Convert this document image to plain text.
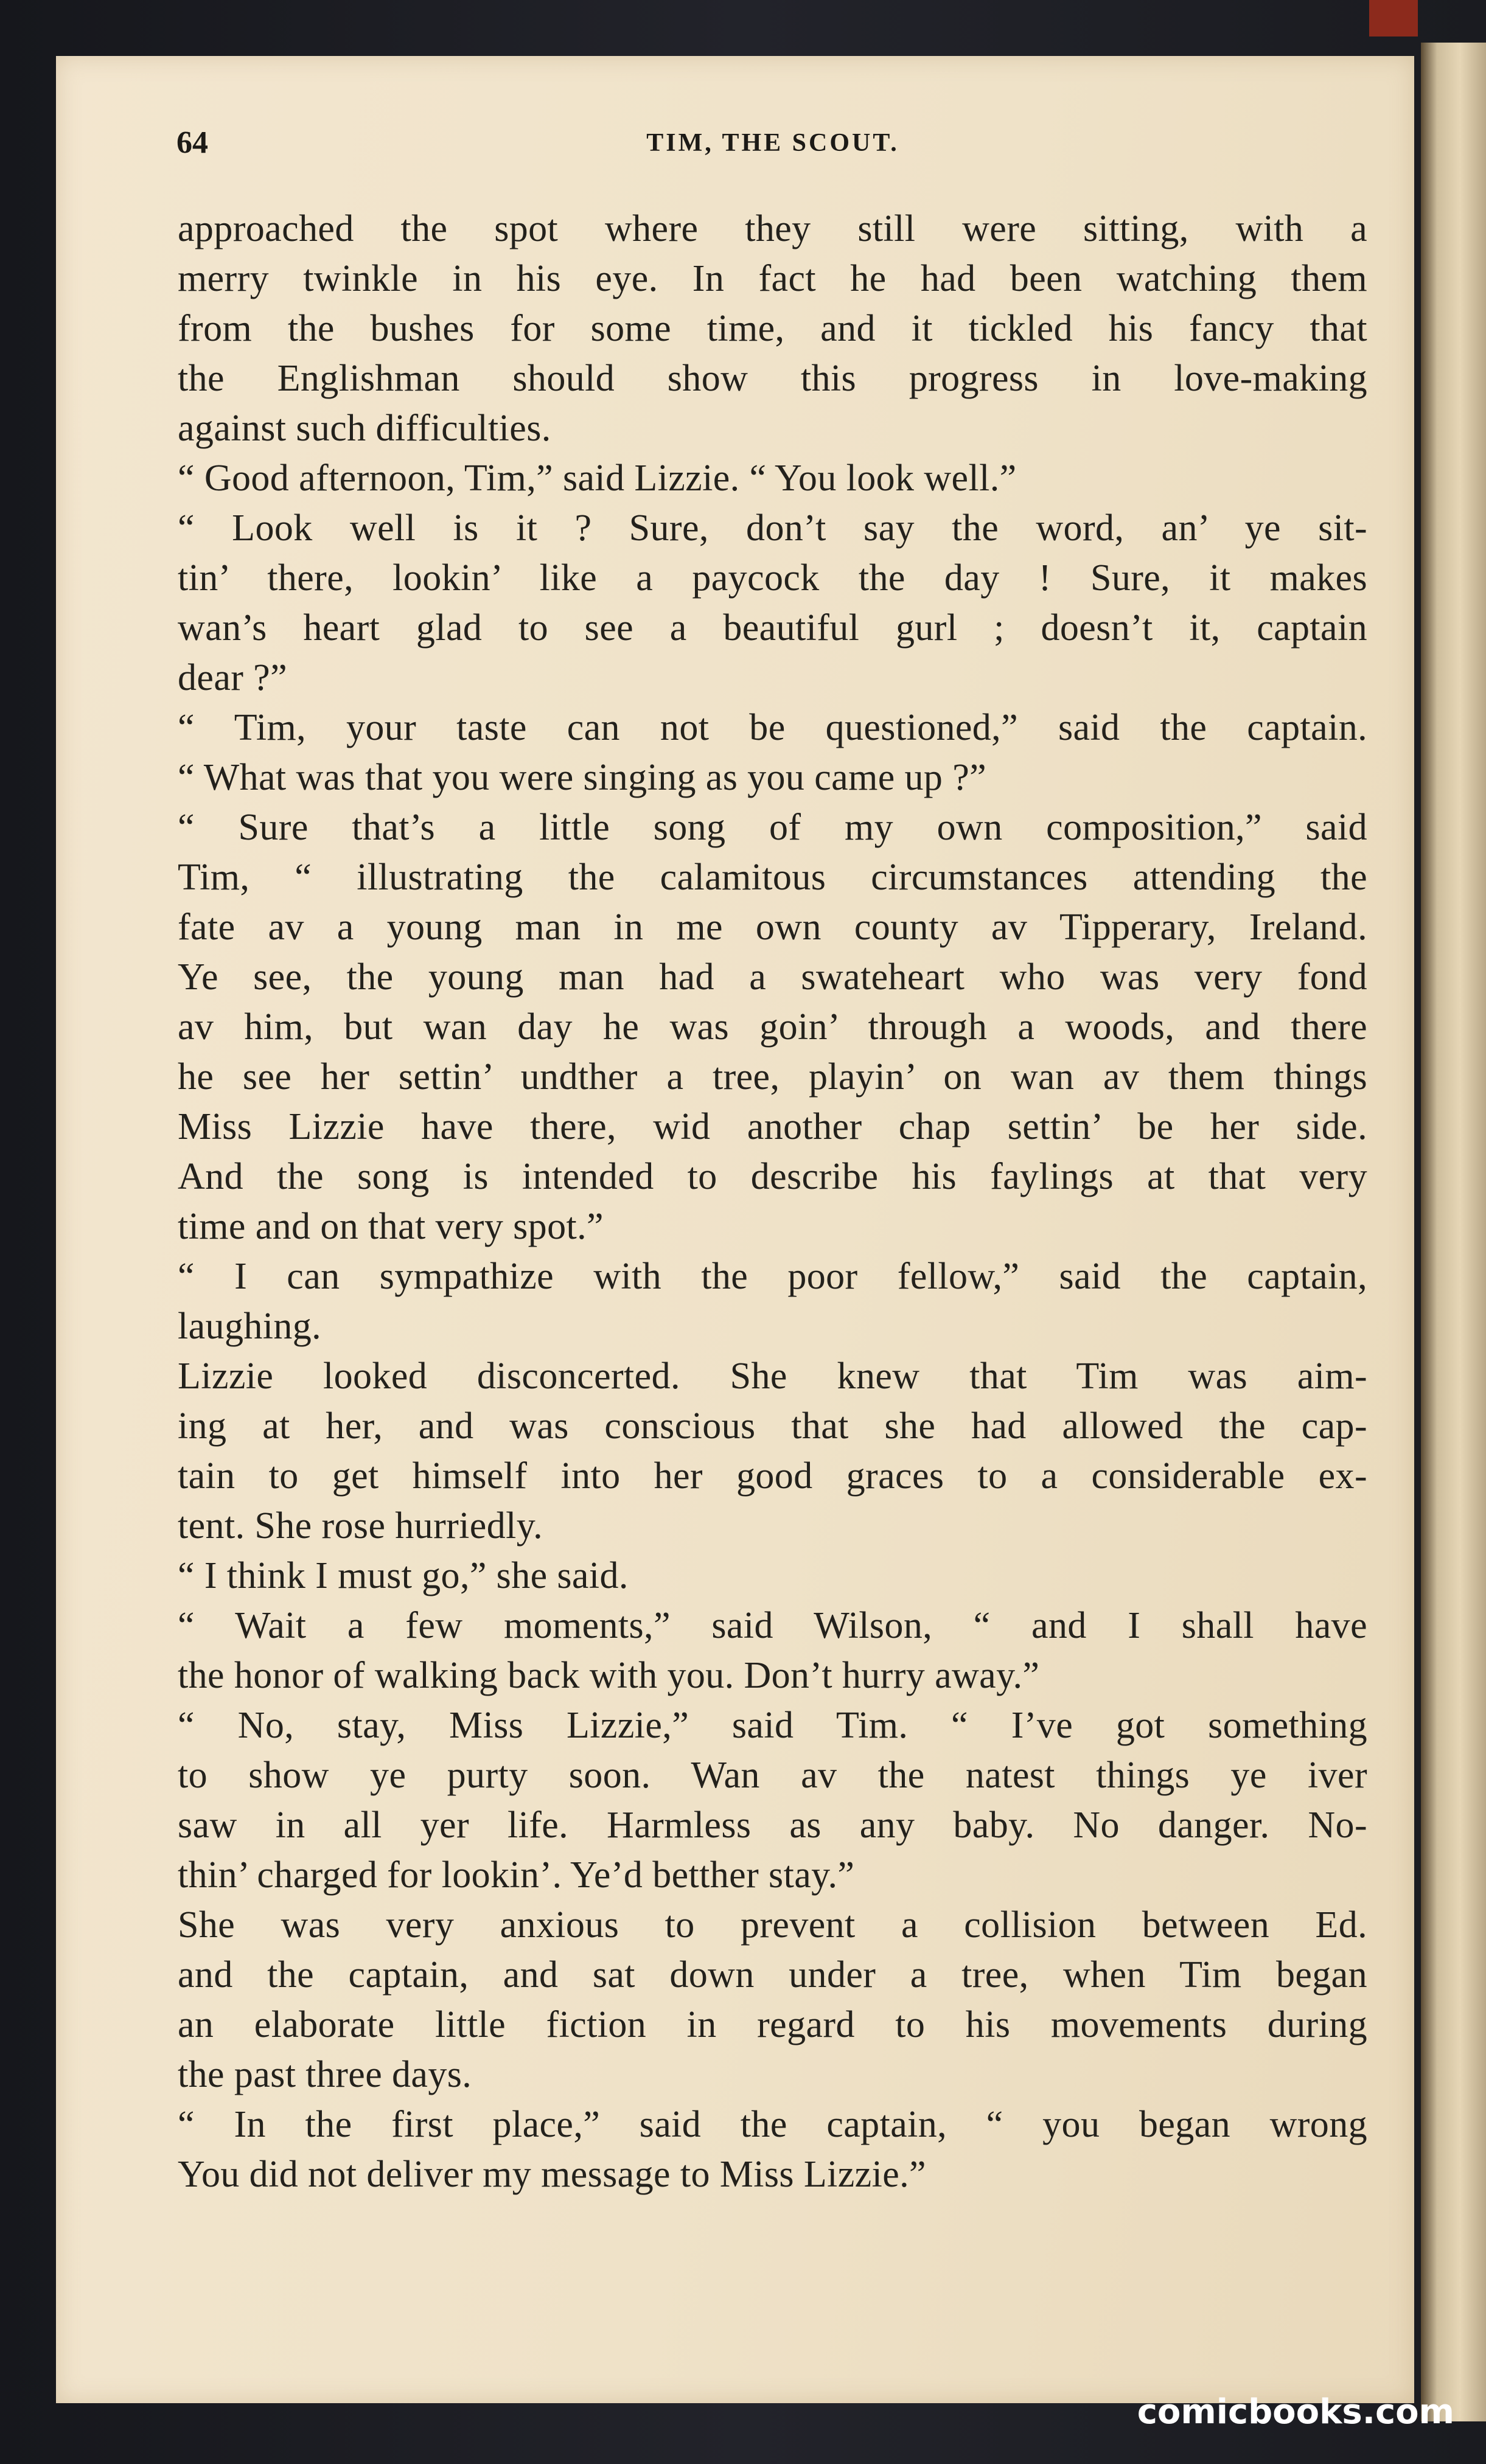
64	TIM, THE SCOUT.
approached the spot where they still were sitting, with a
merry twinkle in his eye. In fact he had been watching them
from the bushes for some time, and it tickled his fancy that
the Englishman should show this progress in love-making
against such difficulties.
“ Good afternoon, Tim,” said Lizzie. “ You look well.”
“ Look well is it ? Sure, don’t say the word, an’ ye sit-
tin’ there, lookin’ like a paycock the day ! Sure, it makes
wan’s heart glad to see a beautiful gurl ; doesn’t it, captain
dear ?”
“ Tim, your taste can not be questioned,” said the captain.
“ What was that you were singing as you came up ?”
“ Sure that’s a little song of my own composition,” said
Tim, “ illustrating the calamitous circumstances attending the
fate av a young man in me own county av Tipperary, Ireland.
Ye see, the young man had a swateheart who was very fond
av him, but wan day he was goin’ through a woods, and there
he see her settin’ undther a tree, playin’ on wan av them things
Miss Lizzie have there, wid another chap settin’ be her side.
And the song is intended to describe his faylings at that very
time and on that very spot.”
“ I can sympathize with the poor fellow,” said the captain,
laughing.
Lizzie looked disconcerted. She knew that Tim was aim-
ing at her, and was conscious that she had allowed the cap-
tain to get himself into her good graces to a considerable ex-
tent. She rose hurriedly.
“ I think I must go,” she said.
“ Wait a few moments,” said Wilson, “ and I shall have
the honor of walking back with you. Don’t hurry away.”
“ No, stay, Miss Lizzie,” said Tim. “ I’ve got something
to show ye purty soon. Wan av the natest things ye iver
saw in all yer life. Harmless as any baby. No danger. No-
thin’ charged for lookin’. Ye’d betther stay.”
She was very anxious to prevent a collision between Ed.
and the captain, and sat down under a tree, when Tim began
an elaborate little fiction in regard to his movements during
the past three days.
“ In the first place,” said the captain, “ you began wrong
You did not deliver my message to Miss Lizzie.”
comicbooks.com
